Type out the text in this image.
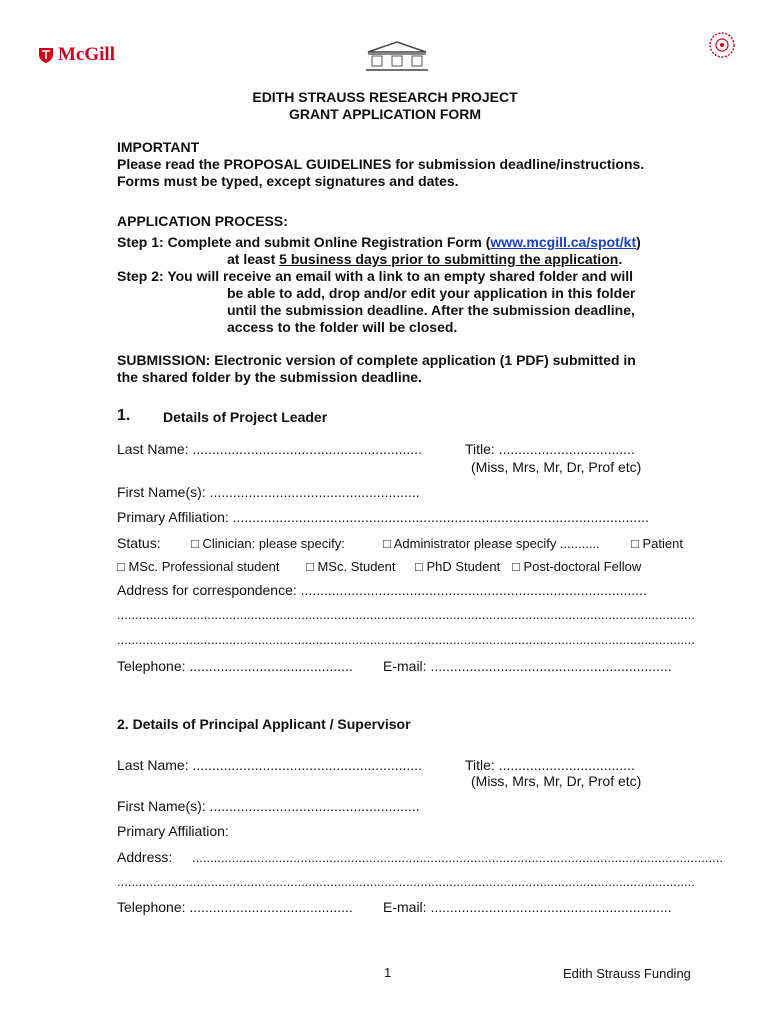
McGill
EDITH STRAUSS RESEARCH PROJECT
GRANT APPLICATION FORM
IMPORTANT
Please read the PROPOSAL GUIDELINES for submission deadline/instructions.
Forms must be typed, except signatures and dates.
APPLICATION PROCESS:
Step 1: Complete and submit Online Registration Form (www.mcgill.ca/spot/kt)
at least 5 business days prior to submitting the application.
Step 2: You will receive an email with a link to an empty shared folder and will
be able to add, drop and/or edit your application in this folder
until the submission deadline. After the submission deadline,
access to the folder will be closed.
SUBMISSION: Electronic version of complete application (1 PDF) submitted in
the shared folder by the submission deadline.
1. Details of Project Leader
Last Name: ...........................................................	Title: ...................................
(Miss, Mrs, Mr, Dr, Prof etc)
First Name(s): ......................................................
Primary Affiliation: ...........................................................................................................
Status: □ Clinician: please specify:	□ Administrator please specify ........... □ Patient
□ MSc. Professional student □ MSc. Student □ PhD Student □ Post-doctoral Fellow
Address for correspondence: .........................................................................................
................................................................................................................................................................
................................................................................................................................................................
Telephone: .......................................... E-mail: ..............................................................
2. Details of Principal Applicant / Supervisor
Last Name: ...........................................................	Title: ...................................
(Miss, Mrs, Mr, Dr, Prof etc)
First Name(s): ......................................................
Primary Affiliation:
Address: ...................................................................................................................................................
................................................................................................................................................................
Telephone: .......................................... E-mail: ..............................................................
1	Edith Strauss Funding
